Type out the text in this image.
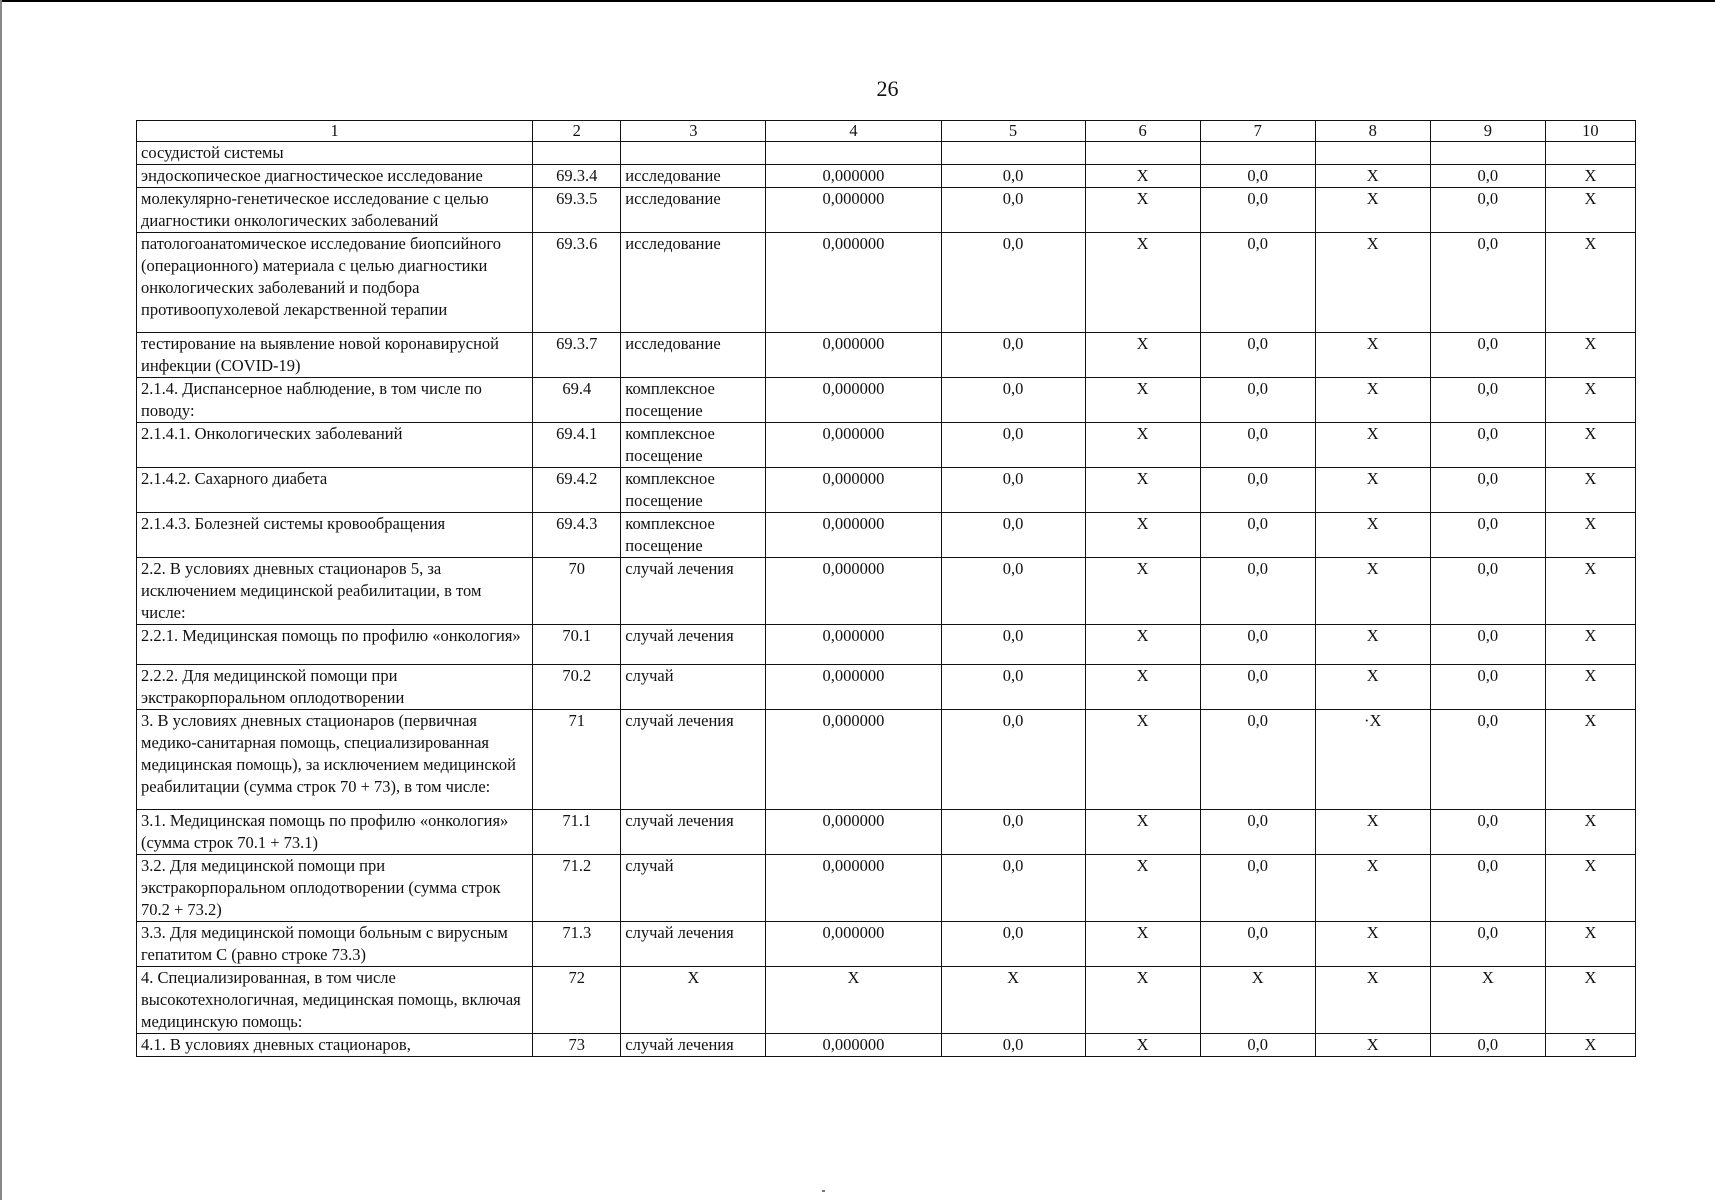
26
1	2	3	4	5	6	7	8	9	10
сосудистой системы									
эндоскопическое диагностическое исследование	69.3.4	исследование	0,000000	0,0	X	0,0	X	0,0	X
молекулярно-генетическое исследование с целью диагностики онкологических заболеваний	69.3.5	исследование	0,000000	0,0	X	0,0	X	0,0	X
патологоанатомическое исследование биопсийного (операционного) материала с целью диагностики онкологических заболеваний и подбора противоопухолевой лекарственной терапии	69.3.6	исследование	0,000000	0,0	X	0,0	X	0,0	X
тестирование на выявление новой коронавирусной инфекции (COVID-19)	69.3.7	исследование	0,000000	0,0	X	0,0	X	0,0	X
2.1.4. Диспансерное наблюдение, в том числе по поводу:	69.4	комплексное посещение	0,000000	0,0	X	0,0	X	0,0	X
2.1.4.1. Онкологических заболеваний	69.4.1	комплексное посещение	0,000000	0,0	X	0,0	X	0,0	X
2.1.4.2. Сахарного диабета	69.4.2	комплексное посещение	0,000000	0,0	X	0,0	X	0,0	X
2.1.4.3. Болезней системы кровообращения	69.4.3	комплексное посещение	0,000000	0,0	X	0,0	X	0,0	X
2.2. В условиях дневных стационаров 5, за исключением медицинской реабилитации, в том числе:	70	случай лечения	0,000000	0,0	X	0,0	X	0,0	X
2.2.1. Медицинская помощь по профилю «онкология»	70.1	случай лечения	0,000000	0,0	X	0,0	X	0,0	X
2.2.2. Для медицинской помощи при экстракорпоральном оплодотворении	70.2	случай	0,000000	0,0	X	0,0	X	0,0	X
3. В условиях дневных стационаров (первичная медико-санитарная помощь, специализированная медицинская помощь), за исключением медицинской реабилитации (сумма строк 70 + 73), в том числе:	71	случай лечения	0,000000	0,0	X	0,0	·X	0,0	X
3.1. Медицинская помощь по профилю «онкология» (сумма строк 70.1 + 73.1)	71.1	случай лечения	0,000000	0,0	X	0,0	X	0,0	X
3.2. Для медицинской помощи при экстракорпоральном оплодотворении (сумма строк 70.2 + 73.2)	71.2	случай	0,000000	0,0	X	0,0	X	0,0	X
3.3. Для медицинской помощи больным с вирусным гепатитом С (равно строке 73.3)	71.3	случай лечения	0,000000	0,0	X	0,0	X	0,0	X
4. Специализированная, в том числе высокотехнологичная, медицинская помощь, включая медицинскую помощь:	72	X	X	X	X	X	X	X	X
4.1. В условиях дневных стационаров,	73	случай лечения	0,000000	0,0	X	0,0	X	0,0	X
